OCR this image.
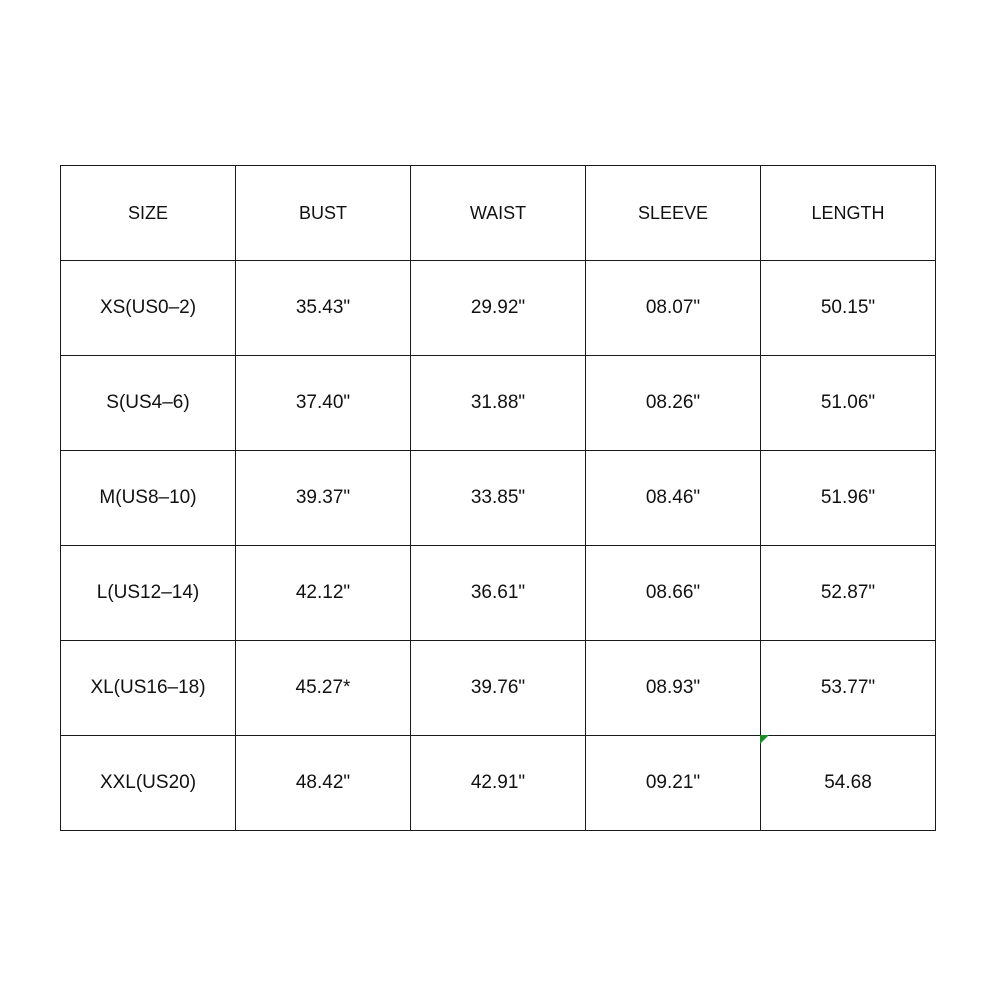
SIZE	BUST	WAIST	SLEEVE	LENGTH
XS(US0–2)	35.43"	29.92"	08.07"	50.15"
S(US4–6)	37.40"	31.88"	08.26"	51.06"
M(US8–10)	39.37"	33.85"	08.46"	51.96"
L(US12–14)	42.12"	36.61"	08.66"	52.87"
XL(US16–18)	45.27*	39.76"	08.93"	53.77"
XXL(US20)	48.42"	42.91"	09.21"	54.68
